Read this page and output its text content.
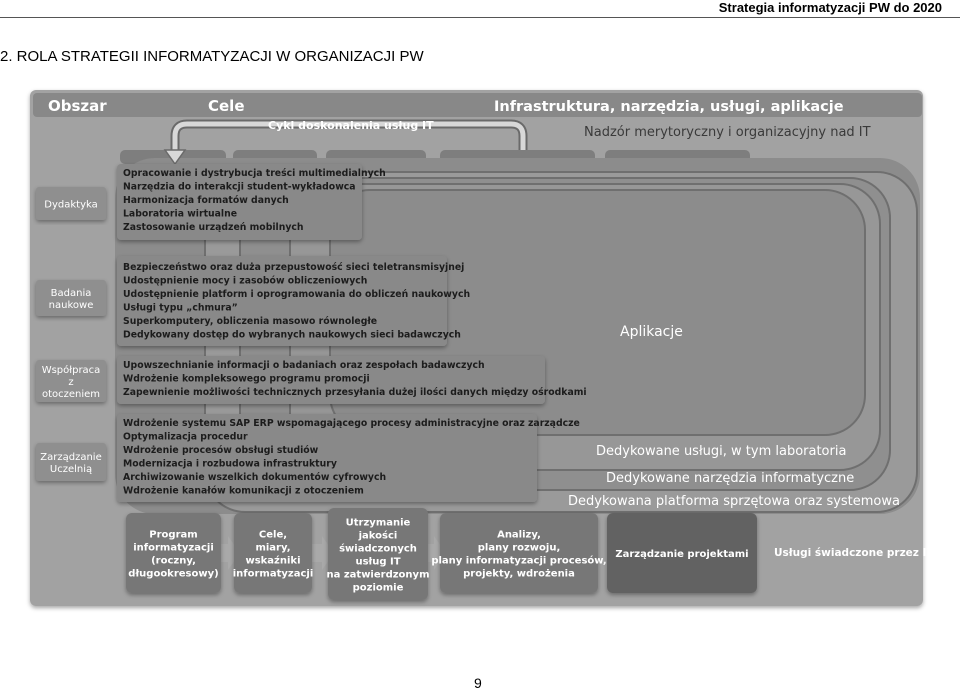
Strategia informatyzacji PW do 2020
2. ROLA STRATEGII INFORMATYZACJI W ORGANIZACJI PW
Obszar	Cele	Infrastruktura, narzędzia, usługi, aplikacje
Aplikacje
Dedykowane usługi, w tym laboratoria
Dedykowane narzędzia informatyczne
Dedykowana platforma sprzętowa oraz systemowa
Cykl doskonalenia usług IT	Nadzór merytoryczny i organizacyjny nad IT
Opracowanie i dystrybucja treści multimedialnych
Narzędzia do interakcji student-wykładowca
Harmonizacja formatów danych
Laboratoria wirtualne
Zastosowanie urządzeń mobilnych
Bezpieczeństwo oraz duża przepustowość sieci teletransmisyjnej
Udostępnienie mocy i zasobów obliczeniowych
Udostępnienie platform i oprogramowania do obliczeń naukowych
Usługi typu „chmura”
Superkomputery, obliczenia masowo równoległe
Dedykowany dostęp do wybranych naukowych sieci badawczych
Upowszechnianie informacji o badaniach oraz zespołach badawczych
Wdrożenie kompleksowego programu promocji
Zapewnienie możliwości technicznych przesyłania dużej ilości danych między ośrodkami
Wdrożenie systemu SAP ERP wspomagającego procesy administracyjne oraz zarządcze
Optymalizacja procedur
Wdrożenie procesów obsługi studiów
Modernizacja i rozbudowa infrastruktury
Archiwizowanie wszelkich dokumentów cyfrowych
Wdrożenie kanałów komunikacji z otoczeniem
Dydaktyka
Badania
naukowe
Współpraca
z
otoczeniem
Zarządzanie
Uczelnią
Program
informatyzacji
(roczny,
długookresowy)
Cele,
miary,
wskaźniki
informatyzacji
Utrzymanie
jakości
świadczonych
usług IT
na zatwierdzonym
poziomie
Analizy,
plany rozwoju,
plany informatyzacji procesów,
projekty, wdrożenia
Zarządzanie projektami Usługi świadczone przez IT
9
